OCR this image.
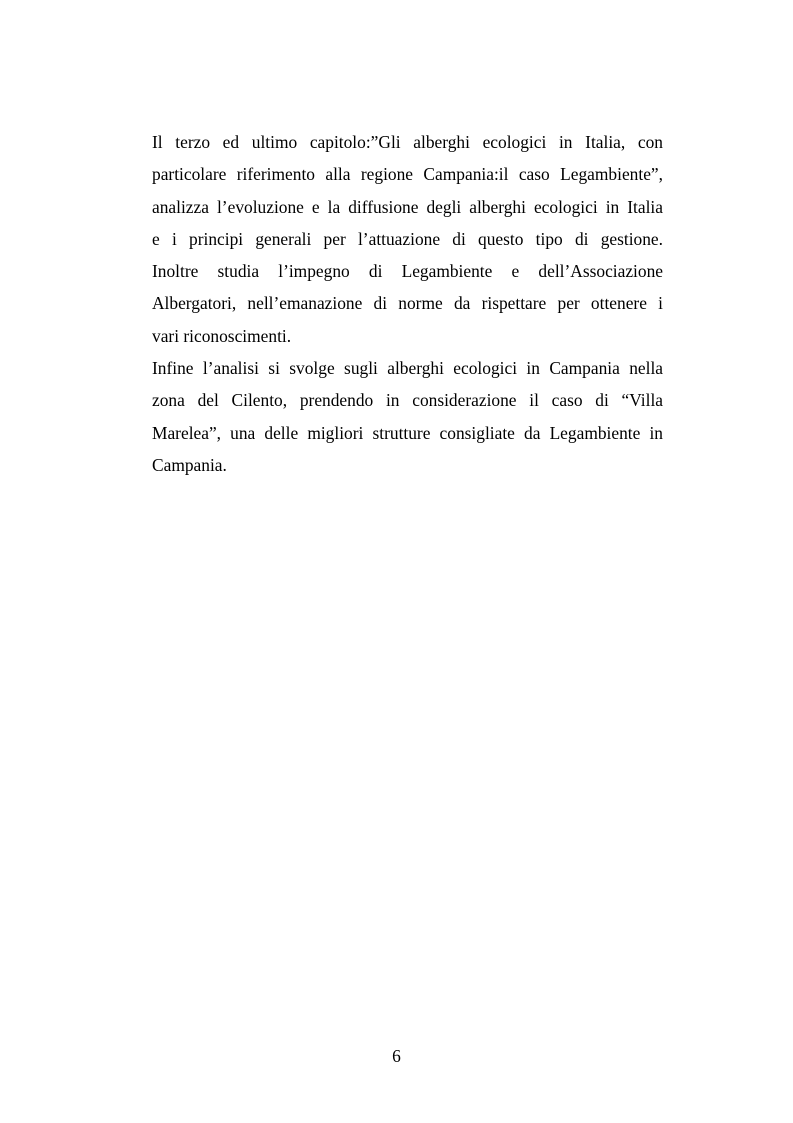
Il terzo ed ultimo capitolo:”Gli alberghi ecologici in Italia, con
particolare riferimento alla regione Campania:il caso Legambiente”,
analizza l’evoluzione e la diffusione degli alberghi ecologici in Italia
e i principi generali per l’attuazione di questo tipo di gestione.
Inoltre studia l’impegno di Legambiente e dell’Associazione
Albergatori, nell’emanazione di norme da rispettare per ottenere i
vari riconoscimenti.
Infine l’analisi si svolge sugli alberghi ecologici in Campania nella
zona del Cilento, prendendo in considerazione il caso di “Villa
Marelea”, una delle migliori strutture consigliate da Legambiente in
Campania.
6
